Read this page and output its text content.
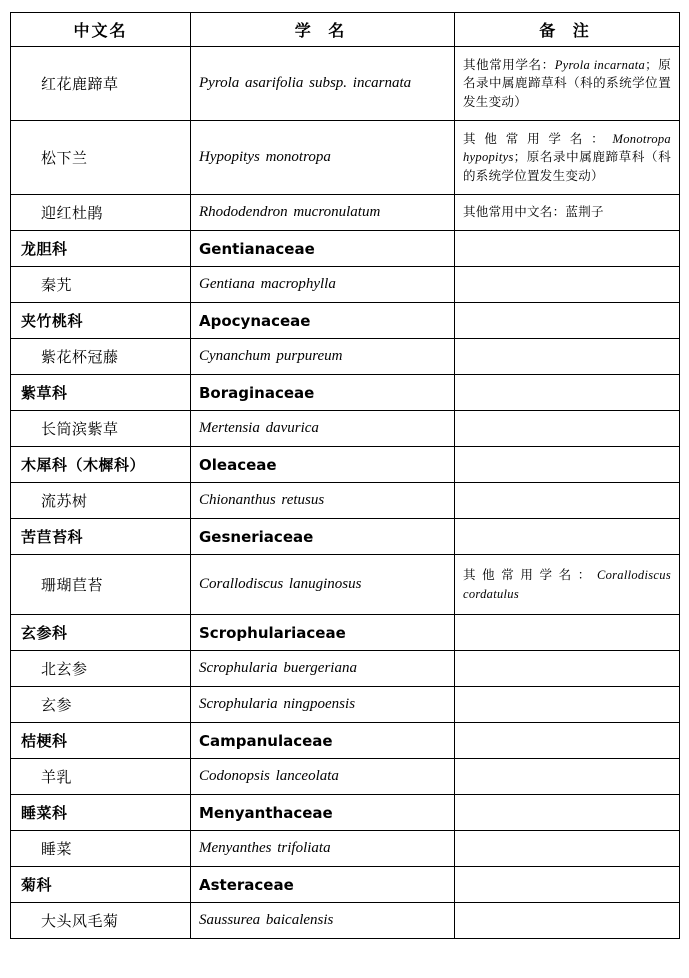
中文名	学 名	备 注
红花鹿蹄草	Pyrola asarifolia subsp. incarnata	其他常用学名：Pyrola incarnata；原名录中属鹿蹄草科（科的系统学位置发生变动）
松下兰	Hypopitys monotropa	其他常用学名：Monotropa hypopitys；原名录中属鹿蹄草科（科的系统学位置发生变动）
迎红杜鹃	Rhododendron mucronulatum	其他常用中文名：蓝荆子
龙胆科	Gentianaceae	
秦艽	Gentiana macrophylla	
夹竹桃科	Apocynaceae	
紫花杯冠藤	Cynanchum purpureum	
紫草科	Boraginaceae	
长筒滨紫草	Mertensia davurica	
木犀科（木樨科）	Oleaceae	
流苏树	Chionanthus retusus	
苦苣苔科	Gesneriaceae	
珊瑚苣苔	Corallodiscus lanuginosus	其他常用学名：Corallodiscus cordatulus
玄参科	Scrophulariaceae	
北玄参	Scrophularia buergeriana	
玄参	Scrophularia ningpoensis	
桔梗科	Campanulaceae	
羊乳	Codonopsis lanceolata	
睡菜科	Menyanthaceae	
睡菜	Menyanthes trifoliata	
菊科	Asteraceae	
大头风毛菊	Saussurea baicalensis	
